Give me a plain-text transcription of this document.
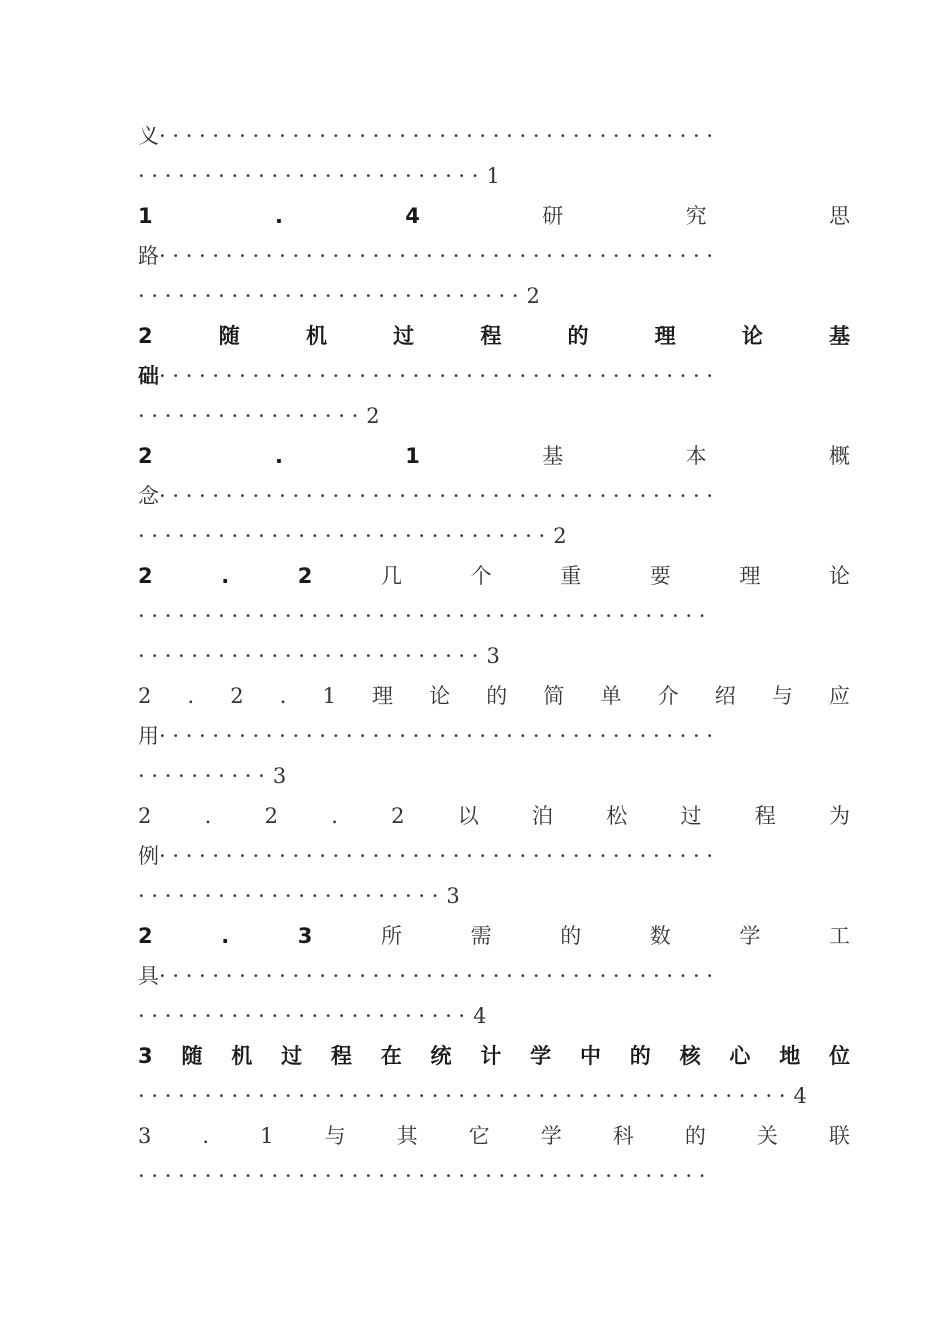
义· · · · · · · · · · · · · · · · · · · · · · · · · · · · · · · · · · · · · · · · · ·
· · · · · · · · · · · · · · · · · · · · · · · · · · 1
1	.	4	研	究	思
路· · · · · · · · · · · · · · · · · · · · · · · · · · · · · · · · · · · · · · · · · ·
· · · · · · · · · · · · · · · · · · · · · · · · · · · · · 2
2	随	机	过	程	的	理	论	基
础· · · · · · · · · · · · · · · · · · · · · · · · · · · · · · · · · · · · · · · · · ·
· · · · · · · · · · · · · · · · · 2
2	.	1	基	本	概
念· · · · · · · · · · · · · · · · · · · · · · · · · · · · · · · · · · · · · · · · · ·
· · · · · · · · · · · · · · · · · · · · · · · · · · · · · · · 2
2	.	2	几	个	重	要	理	论
· · · · · · · · · · · · · · · · · · · · · · · · · · · · · · · · · · · · · · · · · · ·
· · · · · · · · · · · · · · · · · · · · · · · · · · 3
2 . 2 . 1 理 论 的 简 单 介 绍 与 应
用· · · · · · · · · · · · · · · · · · · · · · · · · · · · · · · · · · · · · · · · · ·
· · · · · · · · · · 3
2	.	2	.	2	以	泊	松	过	程	为
例· · · · · · · · · · · · · · · · · · · · · · · · · · · · · · · · · · · · · · · · · ·
· · · · · · · · · · · · · · · · · · · · · · · 3
2	.	3	所	需	的	数	学	工
具· · · · · · · · · · · · · · · · · · · · · · · · · · · · · · · · · · · · · · · · · ·
· · · · · · · · · · · · · · · · · · · · · · · · · 4
3 随 机 过 程 在 统 计 学 中 的 核 心 地 位
· · · · · · · · · · · · · · · · · · · · · · · · · · · · · · · · · · · · · · · · · · · · · · · · · 4
3 . 1 与 其 它 学 科 的 关 联
· · · · · · · · · · · · · · · · · · · · · · · · · · · · · · · · · · · · · · · · · · ·
